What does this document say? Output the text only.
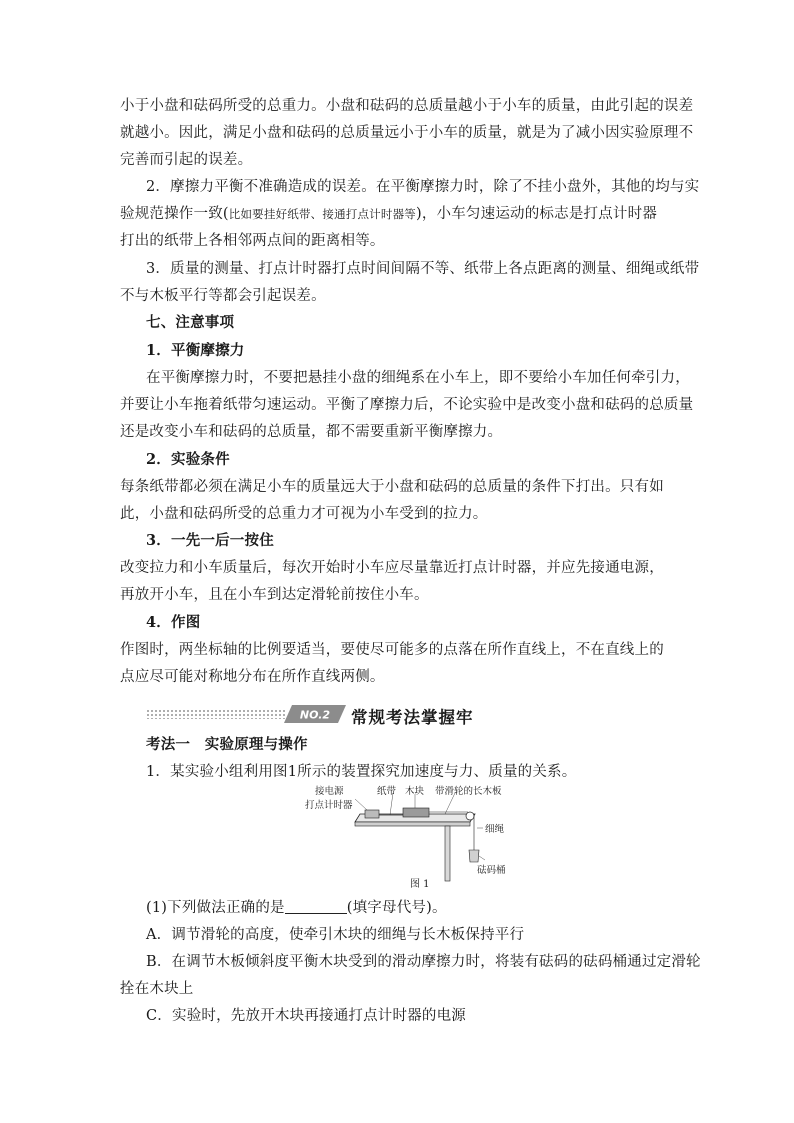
小于小盘和砝码所受的总重力。小盘和砝码的总质量越小于小车的质量，由此引起的误差
就越小。因此，满足小盘和砝码的总质量远小于小车的质量，就是为了减小因实验原理不
完善而引起的误差。
2．摩擦力平衡不准确造成的误差。在平衡摩擦力时，除了不挂小盘外，其他的均与实
验规范操作一致(比如要挂好纸带、接通打点计时器等)，小车匀速运动的标志是打点计时器
打出的纸带上各相邻两点间的距离相等。
3．质量的测量、打点计时器打点时间间隔不等、纸带上各点距离的测量、细绳或纸带
不与木板平行等都会引起误差。
七、注意事项
1．平衡摩擦力
在平衡摩擦力时，不要把悬挂小盘的细绳系在小车上，即不要给小车加任何牵引力，
并要让小车拖着纸带匀速运动。平衡了摩擦力后，不论实验中是改变小盘和砝码的总质量
还是改变小车和砝码的总质量，都不需要重新平衡摩擦力。
2．实验条件
每条纸带都必须在满足小车的质量远大于小盘和砝码的总质量的条件下打出。只有如
此，小盘和砝码所受的总重力才可视为小车受到的拉力。
3．一先一后一按住
改变拉力和小车质量后，每次开始时小车应尽量靠近打点计时器，并应先接通电源，
再放开小车，且在小车到达定滑轮前按住小车。
4．作图
作图时，两坐标轴的比例要适当，要使尽可能多的点落在所作直线上，不在直线上的
点应尽可能对称地分布在所作直线两侧。
NO.2 常规考法掌握牢
考法一　实验原理与操作
1．某实验小组利用图1所示的装置探究加速度与力、质量的关系。
接电源	纸带 木块 带滑轮的长木板
打点计时器
细绳
砝码桶
图 1
(1)下列做法正确的是	(填字母代号)。
A．调节滑轮的高度，使牵引木块的细绳与长木板保持平行
B．在调节木板倾斜度平衡木块受到的滑动摩擦力时，将装有砝码的砝码桶通过定滑轮
拴在木块上
C．实验时，先放开木块再接通打点计时器的电源
